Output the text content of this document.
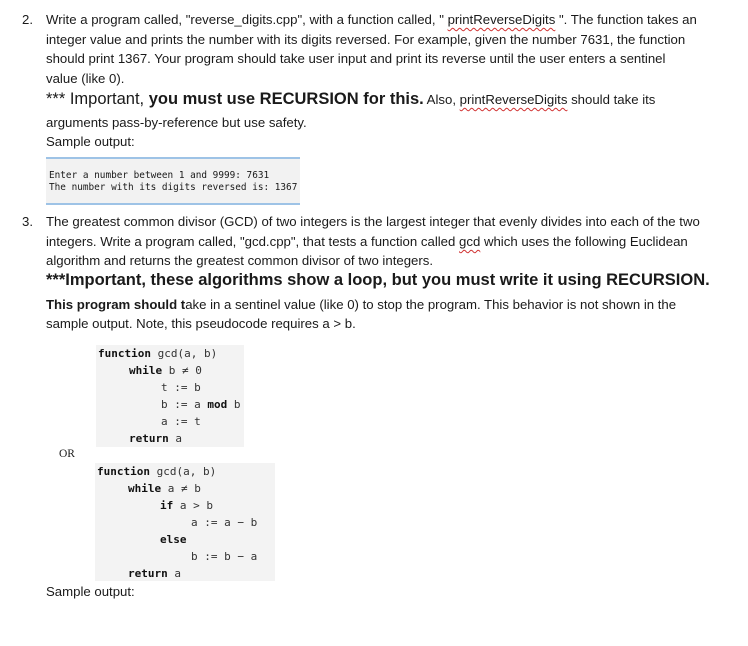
2. Write a program called, "reverse_digits.cpp", with a function called, " printReverseDigits ". The function takes an

integer value and prints the number with its digits reversed. For example, given the number 7631, the function

should print 1367. Your program should take user input and print its reverse until the user enters a sentinel

value (like 0).

*** Important, you must use RECURSION for this. Also, printReverseDigits should take its

arguments pass-by-reference but use safety.

Sample output:

Enter a number between 1 and 9999: 7631
The number with its digits reversed is: 1367
3. The greatest common divisor (GCD) of two integers is the largest integer that evenly divides into each of the two

integers. Write a program called, "gcd.cpp", that tests a function called gcd which uses the following Euclidean

algorithm and returns the greatest common divisor of two integers.

***Important, these algorithms show a loop, but you must write it using RECURSION.

This program should take in a sentinel value (like 0) to stop the program. This behavior is not shown in the

sample output. Note, this pseudocode requires a > b.

function gcd(a, b)
while b ≠ 0
t := b
b := a mod b
a := t
return a
OR
function gcd(a, b)
while a ≠ b
if a > b
a := a − b
else
b := b − a
return a

Sample output:
